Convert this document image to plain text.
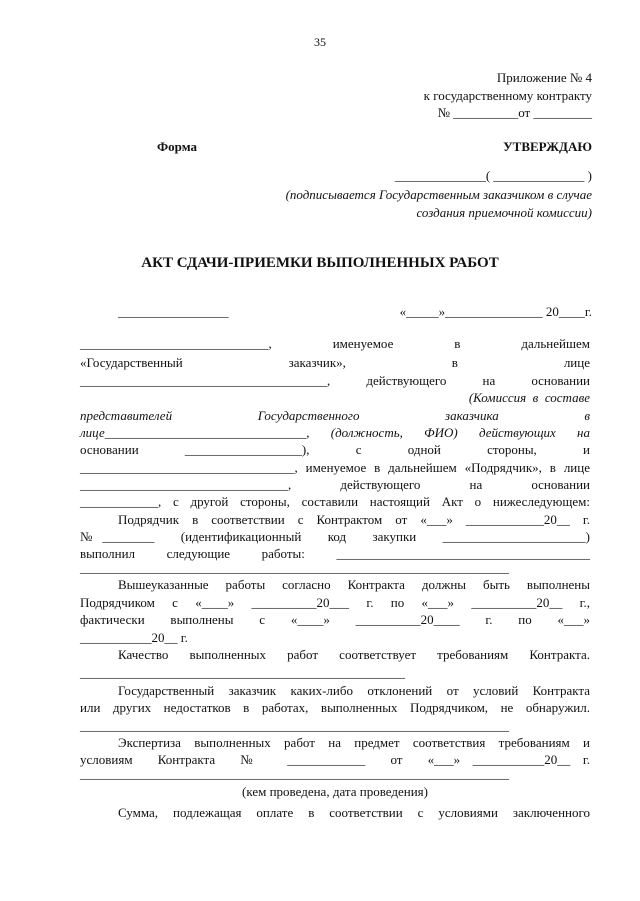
35
Приложение № 4
к государственному контракту
№ __________от _________
Форма	УТВЕРЖДАЮ
______________( ______________ )
(подписывается Государственным заказчиком в случае
создания приемочной комиссии)
АКТ СДАЧИ-ПРИЕМКИ ВЫПОЛНЕННЫХ РАБОТ
_________________	«_____»_______________ 20____г.
_____________________________,      именуемое      в      дальнейшем
«Государственный          заказчик»,          в          лице
______________________________________,  действующего  на  основании
(Комиссия  в  составе
представителей     Государственного     заказчика     в
лице_______________________________, (должность, ФИО) действующих на
основании     __________________),     с     одной     стороны,     и
_________________________________, именуемое в дальнейшем «Подрядчик», в лице
________________________________,   действующего   на   основании
____________, с другой стороны, составили настоящий Акт о нижеследующем:
Подрядчик в соответствии с Контрактом от «___» ____________20__ г.
№________  (идентификационный  код  закупки  ______________________)
выполнил следующие работы: _______________________________________
__________________________________________________________________
Вышеуказанные работы согласно Контракта должны быть выполнены
Подрядчиком с «____» __________20___ г. по «___» __________20__ г.,
фактически  выполнены  с  «____»  __________20____  г.  по  «___»
___________20__ г.
Качество выполненных работ соответствует требованиям Контракта.
__________________________________________________
Государственный заказчик каких-либо отклонений от условий Контракта
или других недостатков в работах, выполненных Подрядчиком, не обнаружил.
__________________________________________________________________
Экспертиза выполненных работ на предмет соответствия требованиям и
условиям  Контракта  №  ____________  от  «___» ___________20__ г.
__________________________________________________________________
(кем проведена, дата проведения)
Сумма, подлежащая оплате в соответствии с условиями заключенного
